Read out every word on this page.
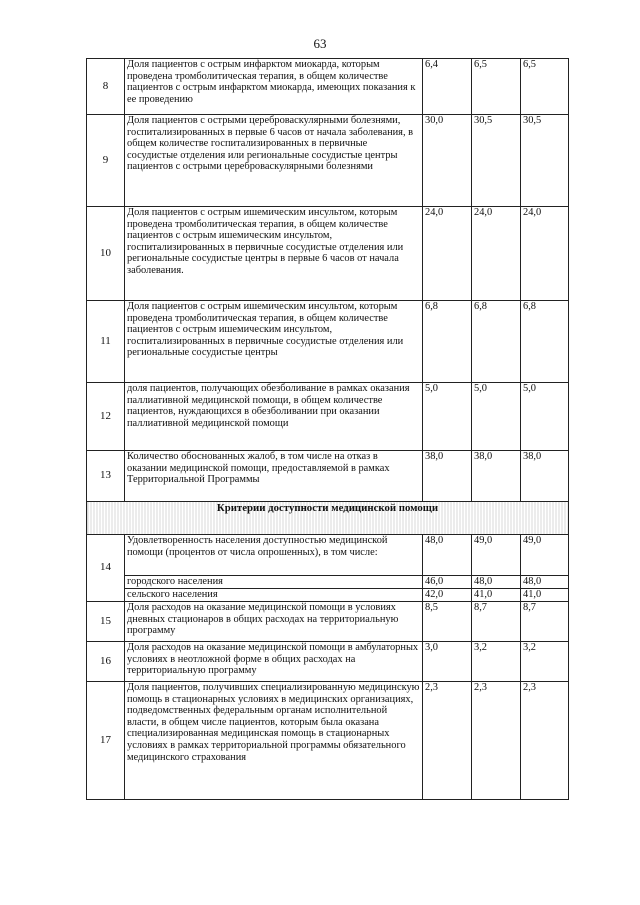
63
8	Доля пациентов с острым инфарктом миокарда, которым проведена тромболитическая терапия, в общем количестве пациентов с острым инфарктом миокарда, имеющих показания к ее проведению	6,4	6,5	6,5
9	Доля пациентов с острыми цереброваскулярными болезнями, госпитализированных в первые 6 часов от начала заболевания, в общем количестве госпитализированных в первичные сосудистые отделения или региональные сосудистые центры пациентов с острыми цереброваскулярными болезнями	30,0	30,5	30,5
10	Доля пациентов с острым ишемическим инсультом, которым проведена тромболитическая терапия, в общем количестве пациентов с острым ишемическим инсультом, госпитализированных в первичные сосудистые отделения или региональные сосудистые центры в первые 6 часов от начала заболевания.	24,0	24,0	24,0
11	Доля пациентов с острым ишемическим инсультом, которым проведена тромболитическая терапия, в общем количестве пациентов с острым ишемическим инсультом, госпитализированных в первичные сосудистые отделения или региональные сосудистые центры	6,8	6,8	6,8
12	доля пациентов, получающих обезболивание в рамках оказания паллиативной медицинской помощи, в общем количестве пациентов, нуждающихся в обезболивании при оказании паллиативной медицинской помощи	5,0	5,0	5,0
13	Количество обоснованных жалоб, в том числе на отказ в оказании медицинской помощи, предоставляемой в рамках Территориальной Программы	38,0	38,0	38,0
Критерии доступности медицинской помощи				
14	Удовлетворенность населения доступностью медицинской помощи (процентов от числа опрошенных), в том числе:	48,0	49,0	49,0
	городского населения	46,0	48,0	48,0
	сельского населения	42,0	41,0	41,0
15	Доля расходов на оказание медицинской помощи в условиях дневных стационаров в общих расходах на территориальную программу	8,5	8,7	8,7
16	Доля расходов на оказание медицинской помощи в амбулаторных условиях в неотложной форме в общих расходах на территориальную программу	3,0	3,2	3,2
17	Доля пациентов, получивших специализированную медицинскую помощь в стационарных условиях в медицинских организациях, подведомственных федеральным органам исполнительной власти, в общем числе пациентов, которым была оказана специализированная медицинская помощь в стационарных условиях в рамках территориальной программы обязательного медицинского страхования	2,3	2,3	2,3
